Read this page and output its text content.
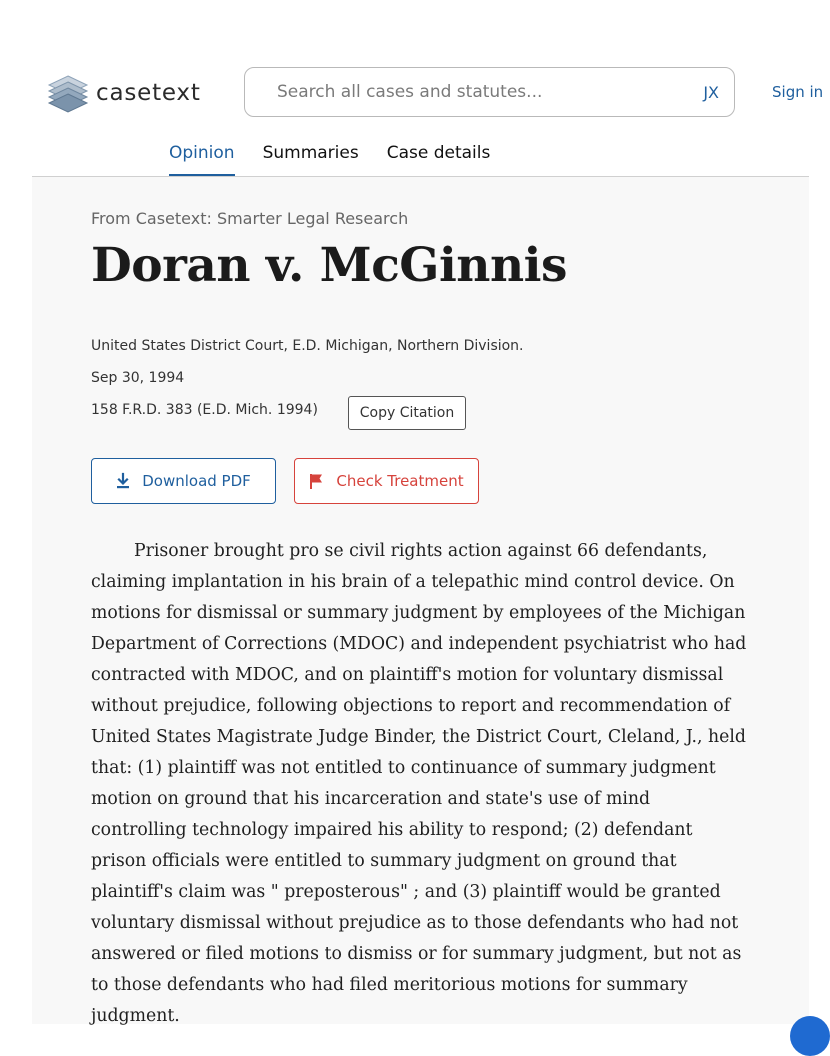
casetext
Search all cases and statutes...	JX	Sign in
Opinion Summaries Case details
From Casetext: Smarter Legal Research
Doran v. McGinnis
United States District Court, E.D. Michigan, Northern Division.
Sep 30, 1994
158 F.R.D. 383 (E.D. Mich. 1994)	Copy Citation
Download PDF	Check Treatment

Prisoner brought pro se civil rights action against 66 defendants, claiming implantation in his brain of a telepathic mind control device. On motions for dismissal or summary judgment by employees of the Michigan Department of Corrections (MDOC) and independent psychiatrist who had contracted with MDOC, and on plaintiff's motion for voluntary dismissal without prejudice, following objections to report and recommendation of United States Magistrate Judge Binder, the District Court, Cleland, J., held that: (1) plaintiff was not entitled to continuance of summary judgment motion on ground that his incarceration and state's use of mind controlling technology impaired his ability to respond; (2) defendant prison officials were entitled to summary judgment on ground that plaintiff's claim was " preposterous" ; and (3) plaintiff would be granted voluntary dismissal without prejudice as to those defendants who had not answered or filed motions to dismiss or for summary judgment, but not as to those defendants who had filed meritorious motions for summary judgment.
